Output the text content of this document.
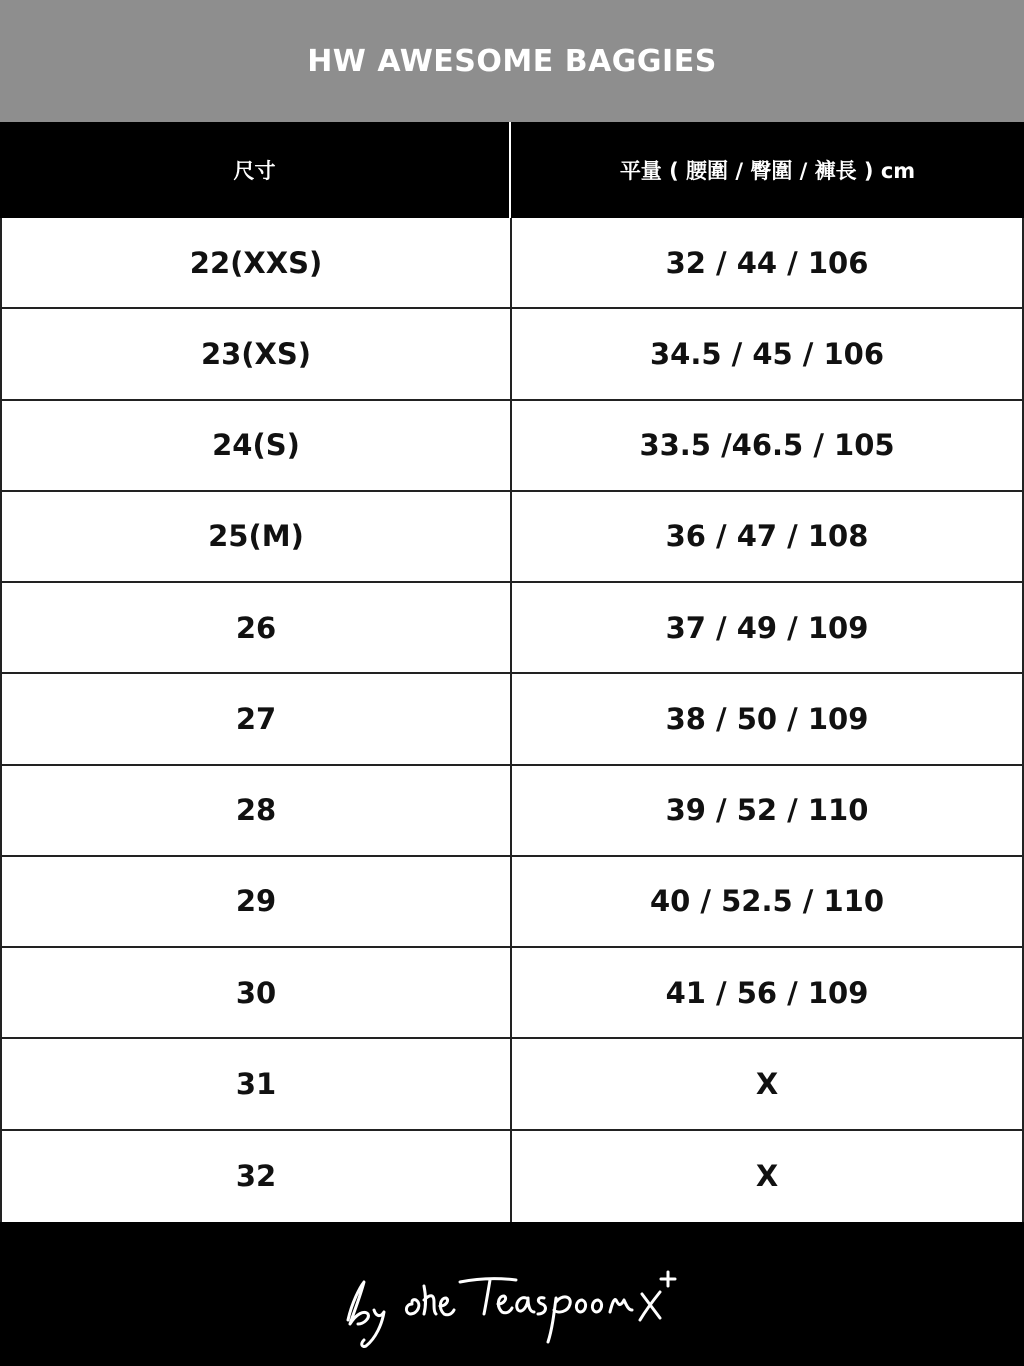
HW AWESOME BAGGIES
尺寸	平量 ( 腰圍 / 臀圍 / 褲長 ) cm
22(XXS)	32 / 44 / 106
23(XS)	34.5 / 45 / 106
24(S)	33.5 /46.5 / 105
25(M)	36 / 47 / 108
26	37 / 49 / 109
27	38 / 50 / 109
28	39 / 52 / 110
29	40 / 52.5 / 110
30	41 / 56 / 109
31	X
32	X
